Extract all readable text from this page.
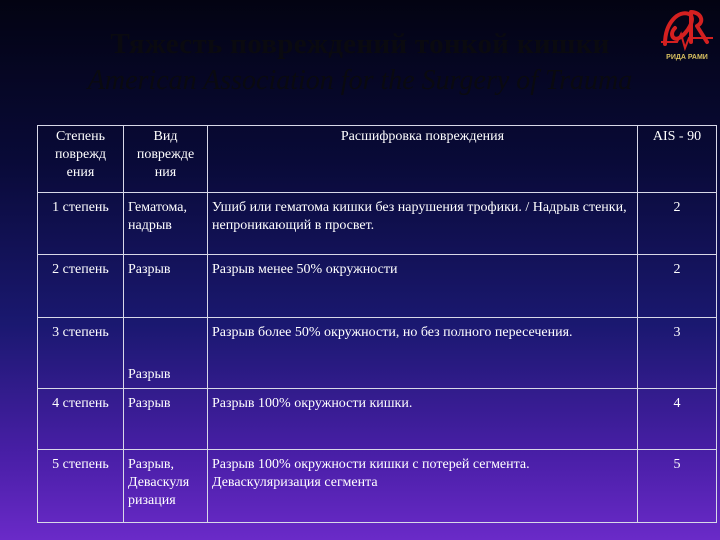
Тяжесть повреждений тонкой кишки
American Association for the Surgery of Trauma
РИДА РАМИ
Степень поврежд ения	Вид поврежде ния	Расшифровка повреждения	AIS - 90
1 степень	Гематома, надрыв	Ушиб или гематома кишки без нарушения трофики. / Надрыв стенки, непроникающий в просвет.	2
2 степень	Разрыв	Разрыв менее 50% окружности	2
3 степень	Разрыв	Разрыв более 50% окружности, но без полного пересечения.	3
4 степень	Разрыв	Разрыв 100% окружности кишки.	4
5 степень	Разрыв, Деваскуля ризация	Разрыв 100% окружности кишки с потерей сегмента. Деваскуляризация сегмента	5
